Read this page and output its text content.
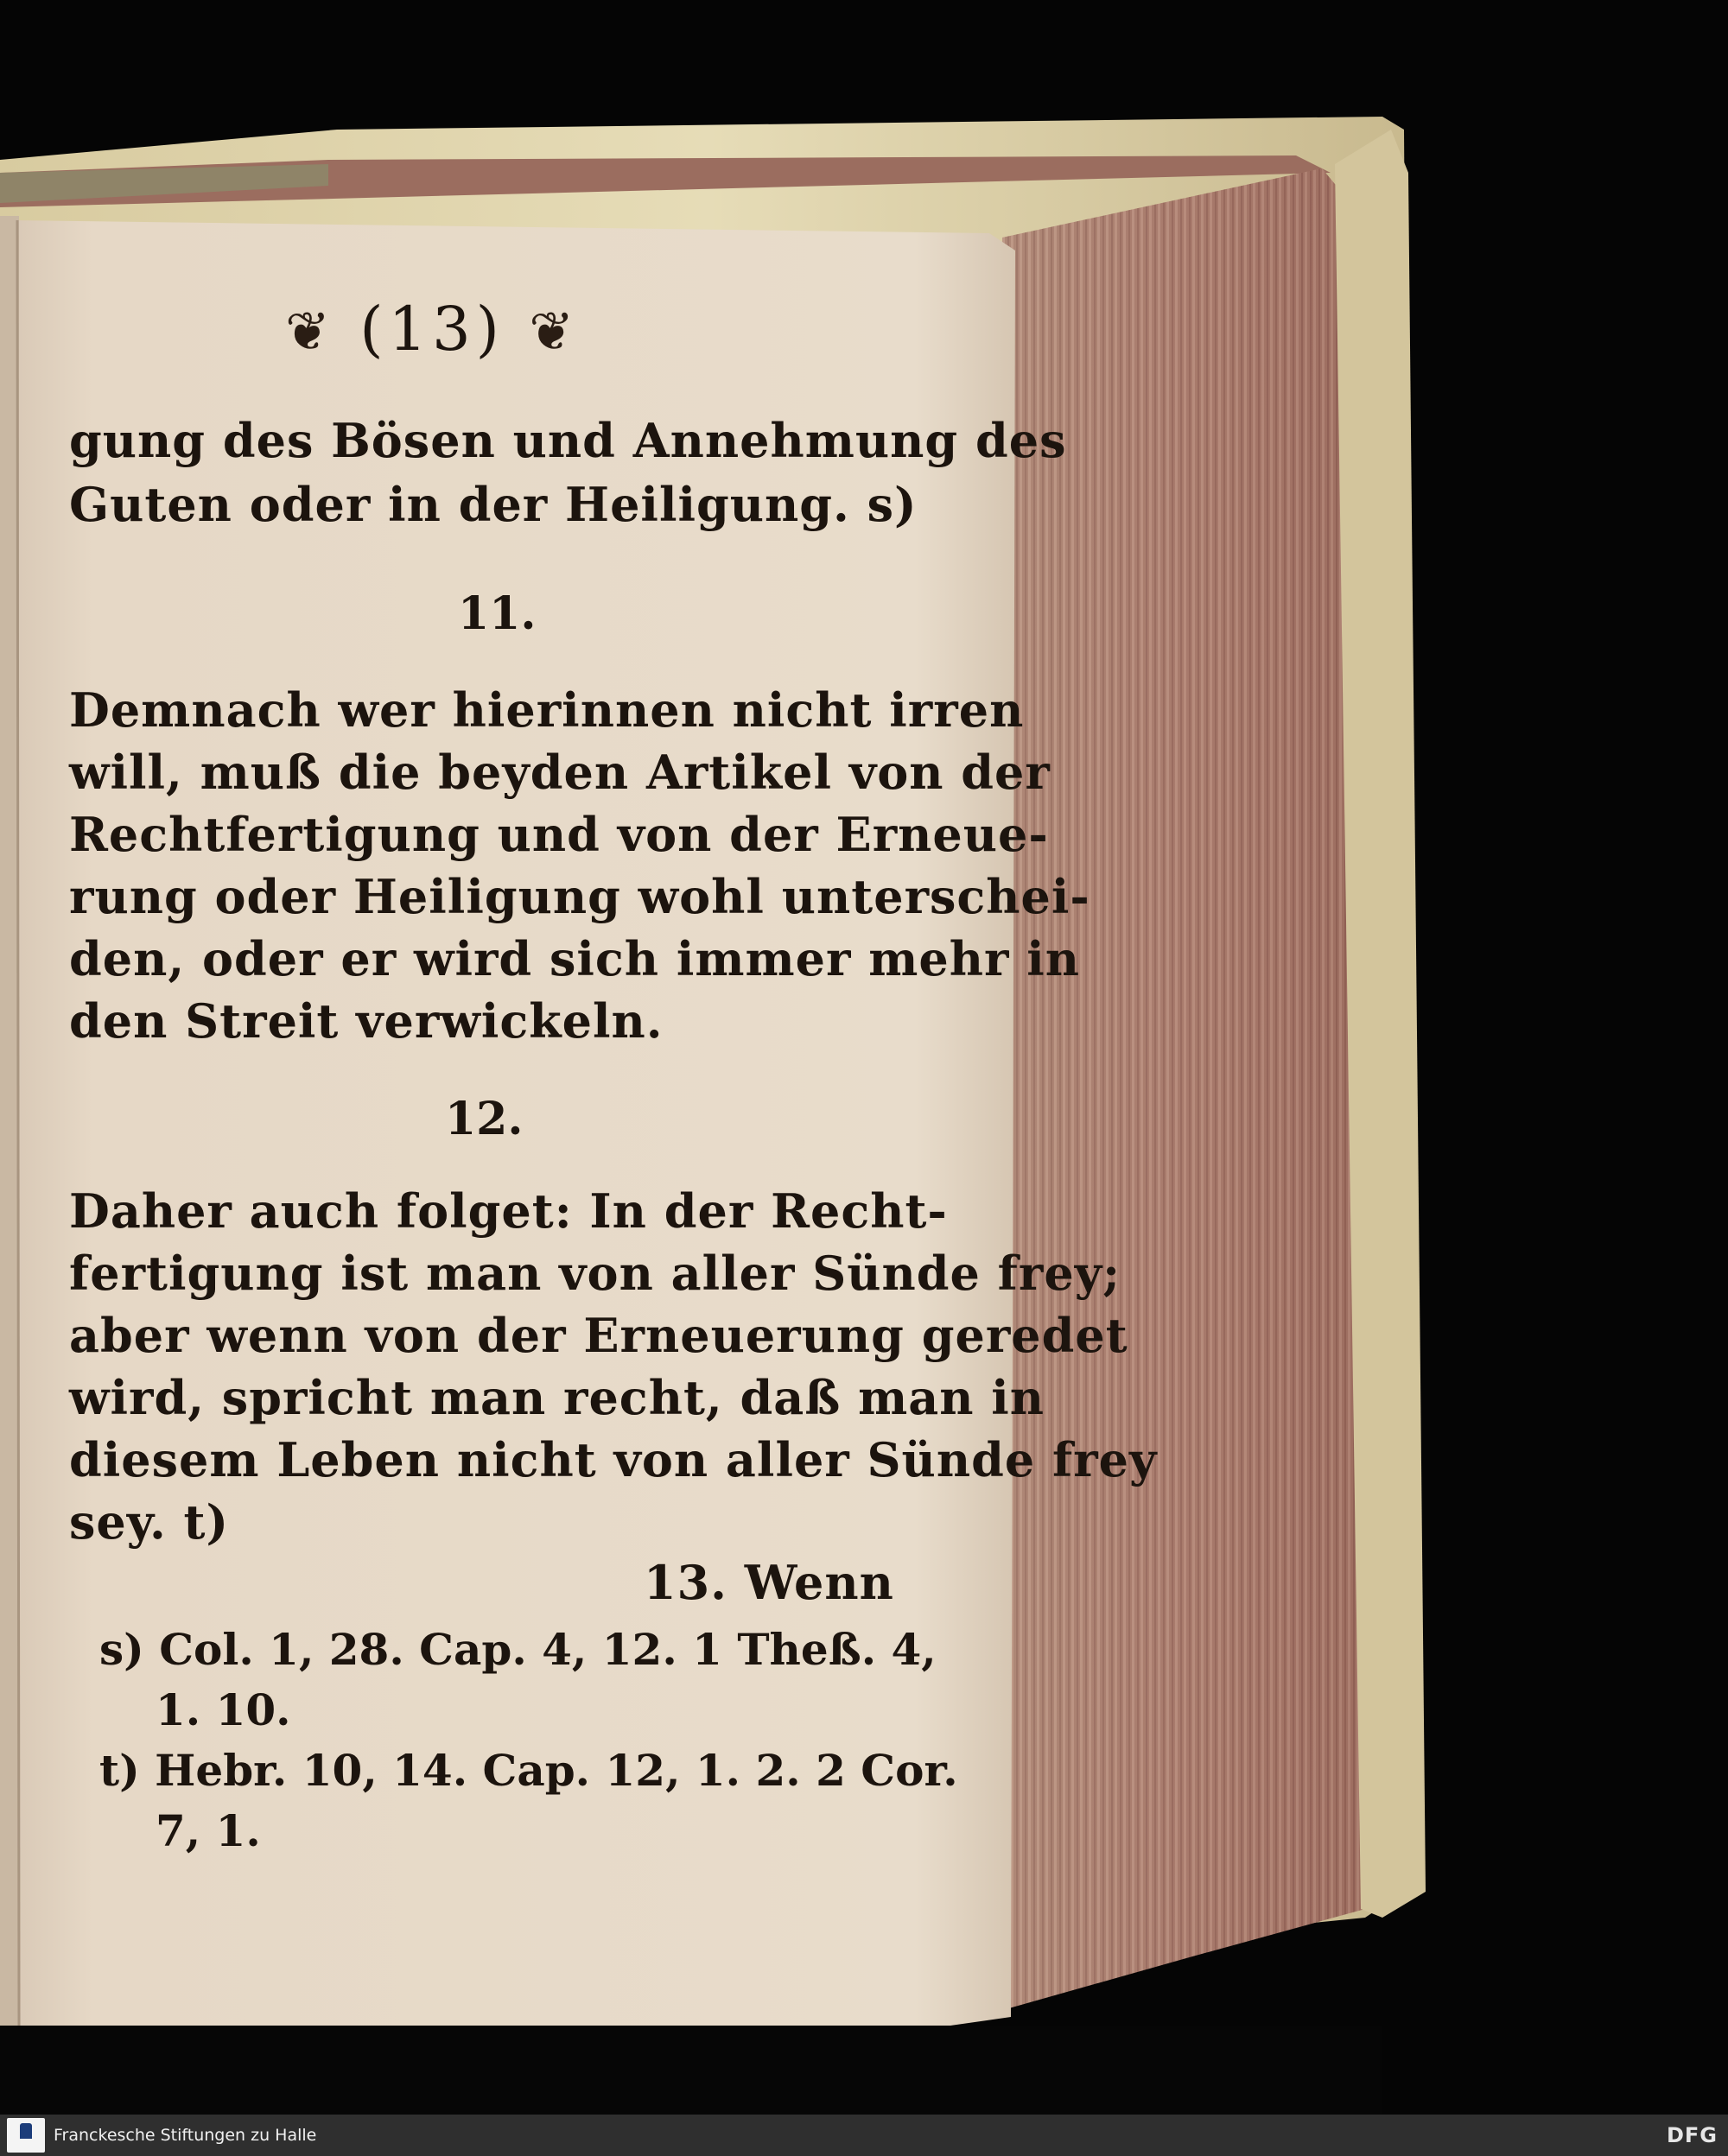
❦ (13) ❦
gung des Bösen und Annehmung des
Guten oder in der Heiligung. s)
11.
Demnach wer hierinnen nicht irren
will, muß die beyden Artikel von der
Rechtfertigung und von der Erneue-
rung oder Heiligung wohl unterschei-
den, oder er wird sich immer mehr in
den Streit verwickeln.
12.
Daher auch folget: In der Recht-
fertigung ist man von aller Sünde frey;
aber wenn von der Erneuerung geredet
wird, spricht man recht, daß man in
diesem Leben nicht von aller Sünde frey
sey. t)
13. Wenn
s) Col. 1, 28. Cap. 4, 12. 1 Theß. 4,
1. 10.
t) Hebr. 10, 14. Cap. 12, 1. 2. 2 Cor.
7, 1.
Franckesche Stiftungen zu Halle	DFG
